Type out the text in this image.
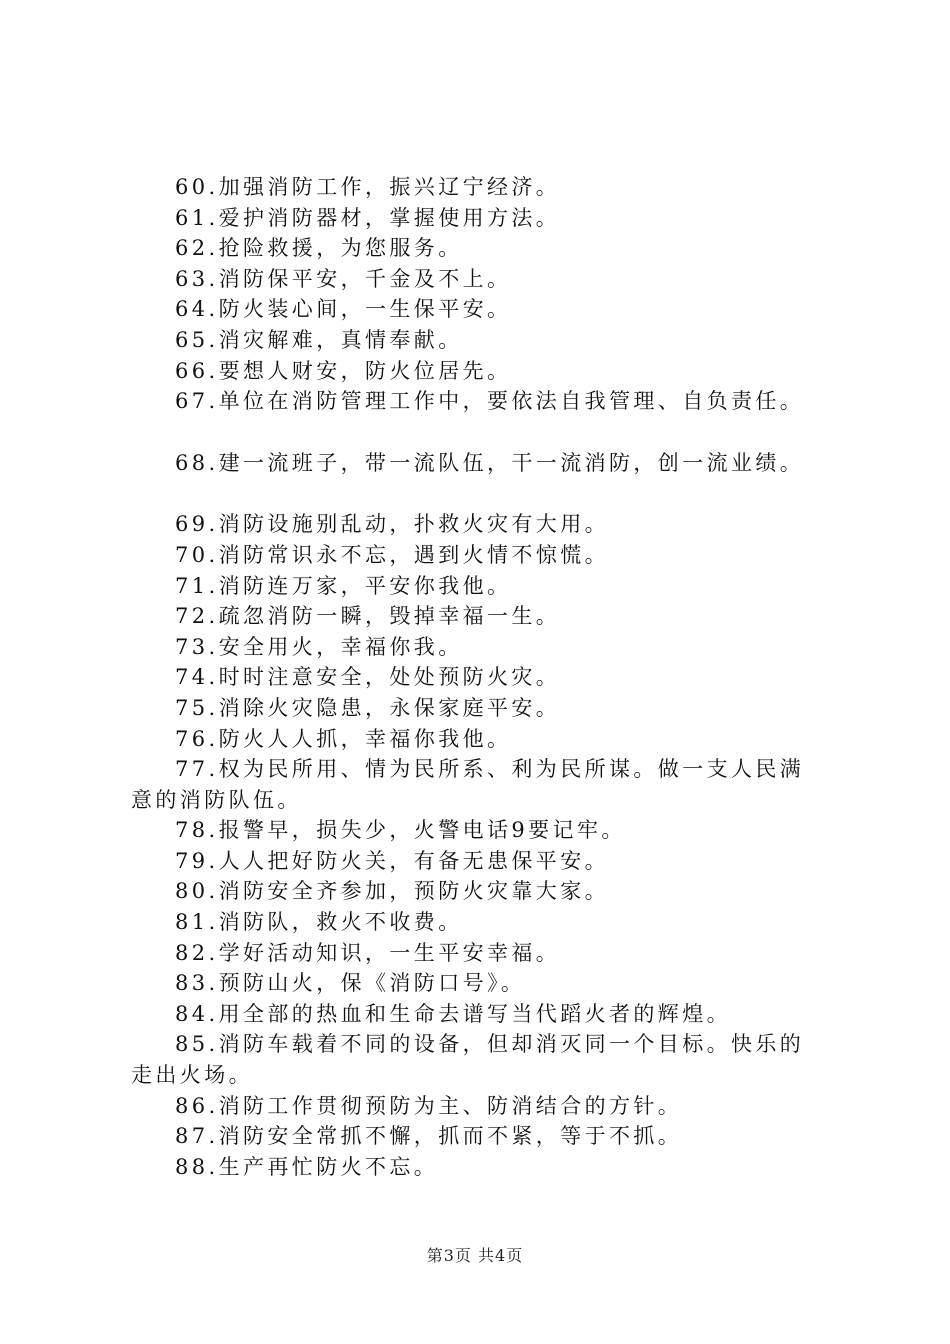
60.加强消防工作，振兴辽宁经济。
61.爱护消防器材，掌握使用方法。
62.抢险救援，为您服务。
63.消防保平安，千金及不上。
64.防火装心间，一生保平安。
65.消灾解难，真情奉献。
66.要想人财安，防火位居先。
67.单位在消防管理工作中，要依法自我管理、自负责任。
68.建一流班子，带一流队伍，干一流消防，创一流业绩。
69.消防设施别乱动，扑救火灾有大用。
70.消防常识永不忘，遇到火情不惊慌。
71.消防连万家，平安你我他。
72.疏忽消防一瞬，毁掉幸福一生。
73.安全用火，幸福你我。
74.时时注意安全，处处预防火灾。
75.消除火灾隐患，永保家庭平安。
76.防火人人抓，幸福你我他。
77.权为民所用、情为民所系、利为民所谋。做一支人民满
意的消防队伍。
78.报警早，损失少，火警电话9要记牢。
79.人人把好防火关，有备无患保平安。
80.消防安全齐参加，预防火灾靠大家。
81.消防队，救火不收费。
82.学好活动知识，一生平安幸福。
83.预防山火，保《消防口号》。
84.用全部的热血和生命去谱写当代蹈火者的辉煌。
85.消防车载着不同的设备，但却消灭同一个目标。快乐的
走出火场。
86.消防工作贯彻预防为主、防消结合的方针。
87.消防安全常抓不懈，抓而不紧，等于不抓。
88.生产再忙防火不忘。
第3页 共4页
